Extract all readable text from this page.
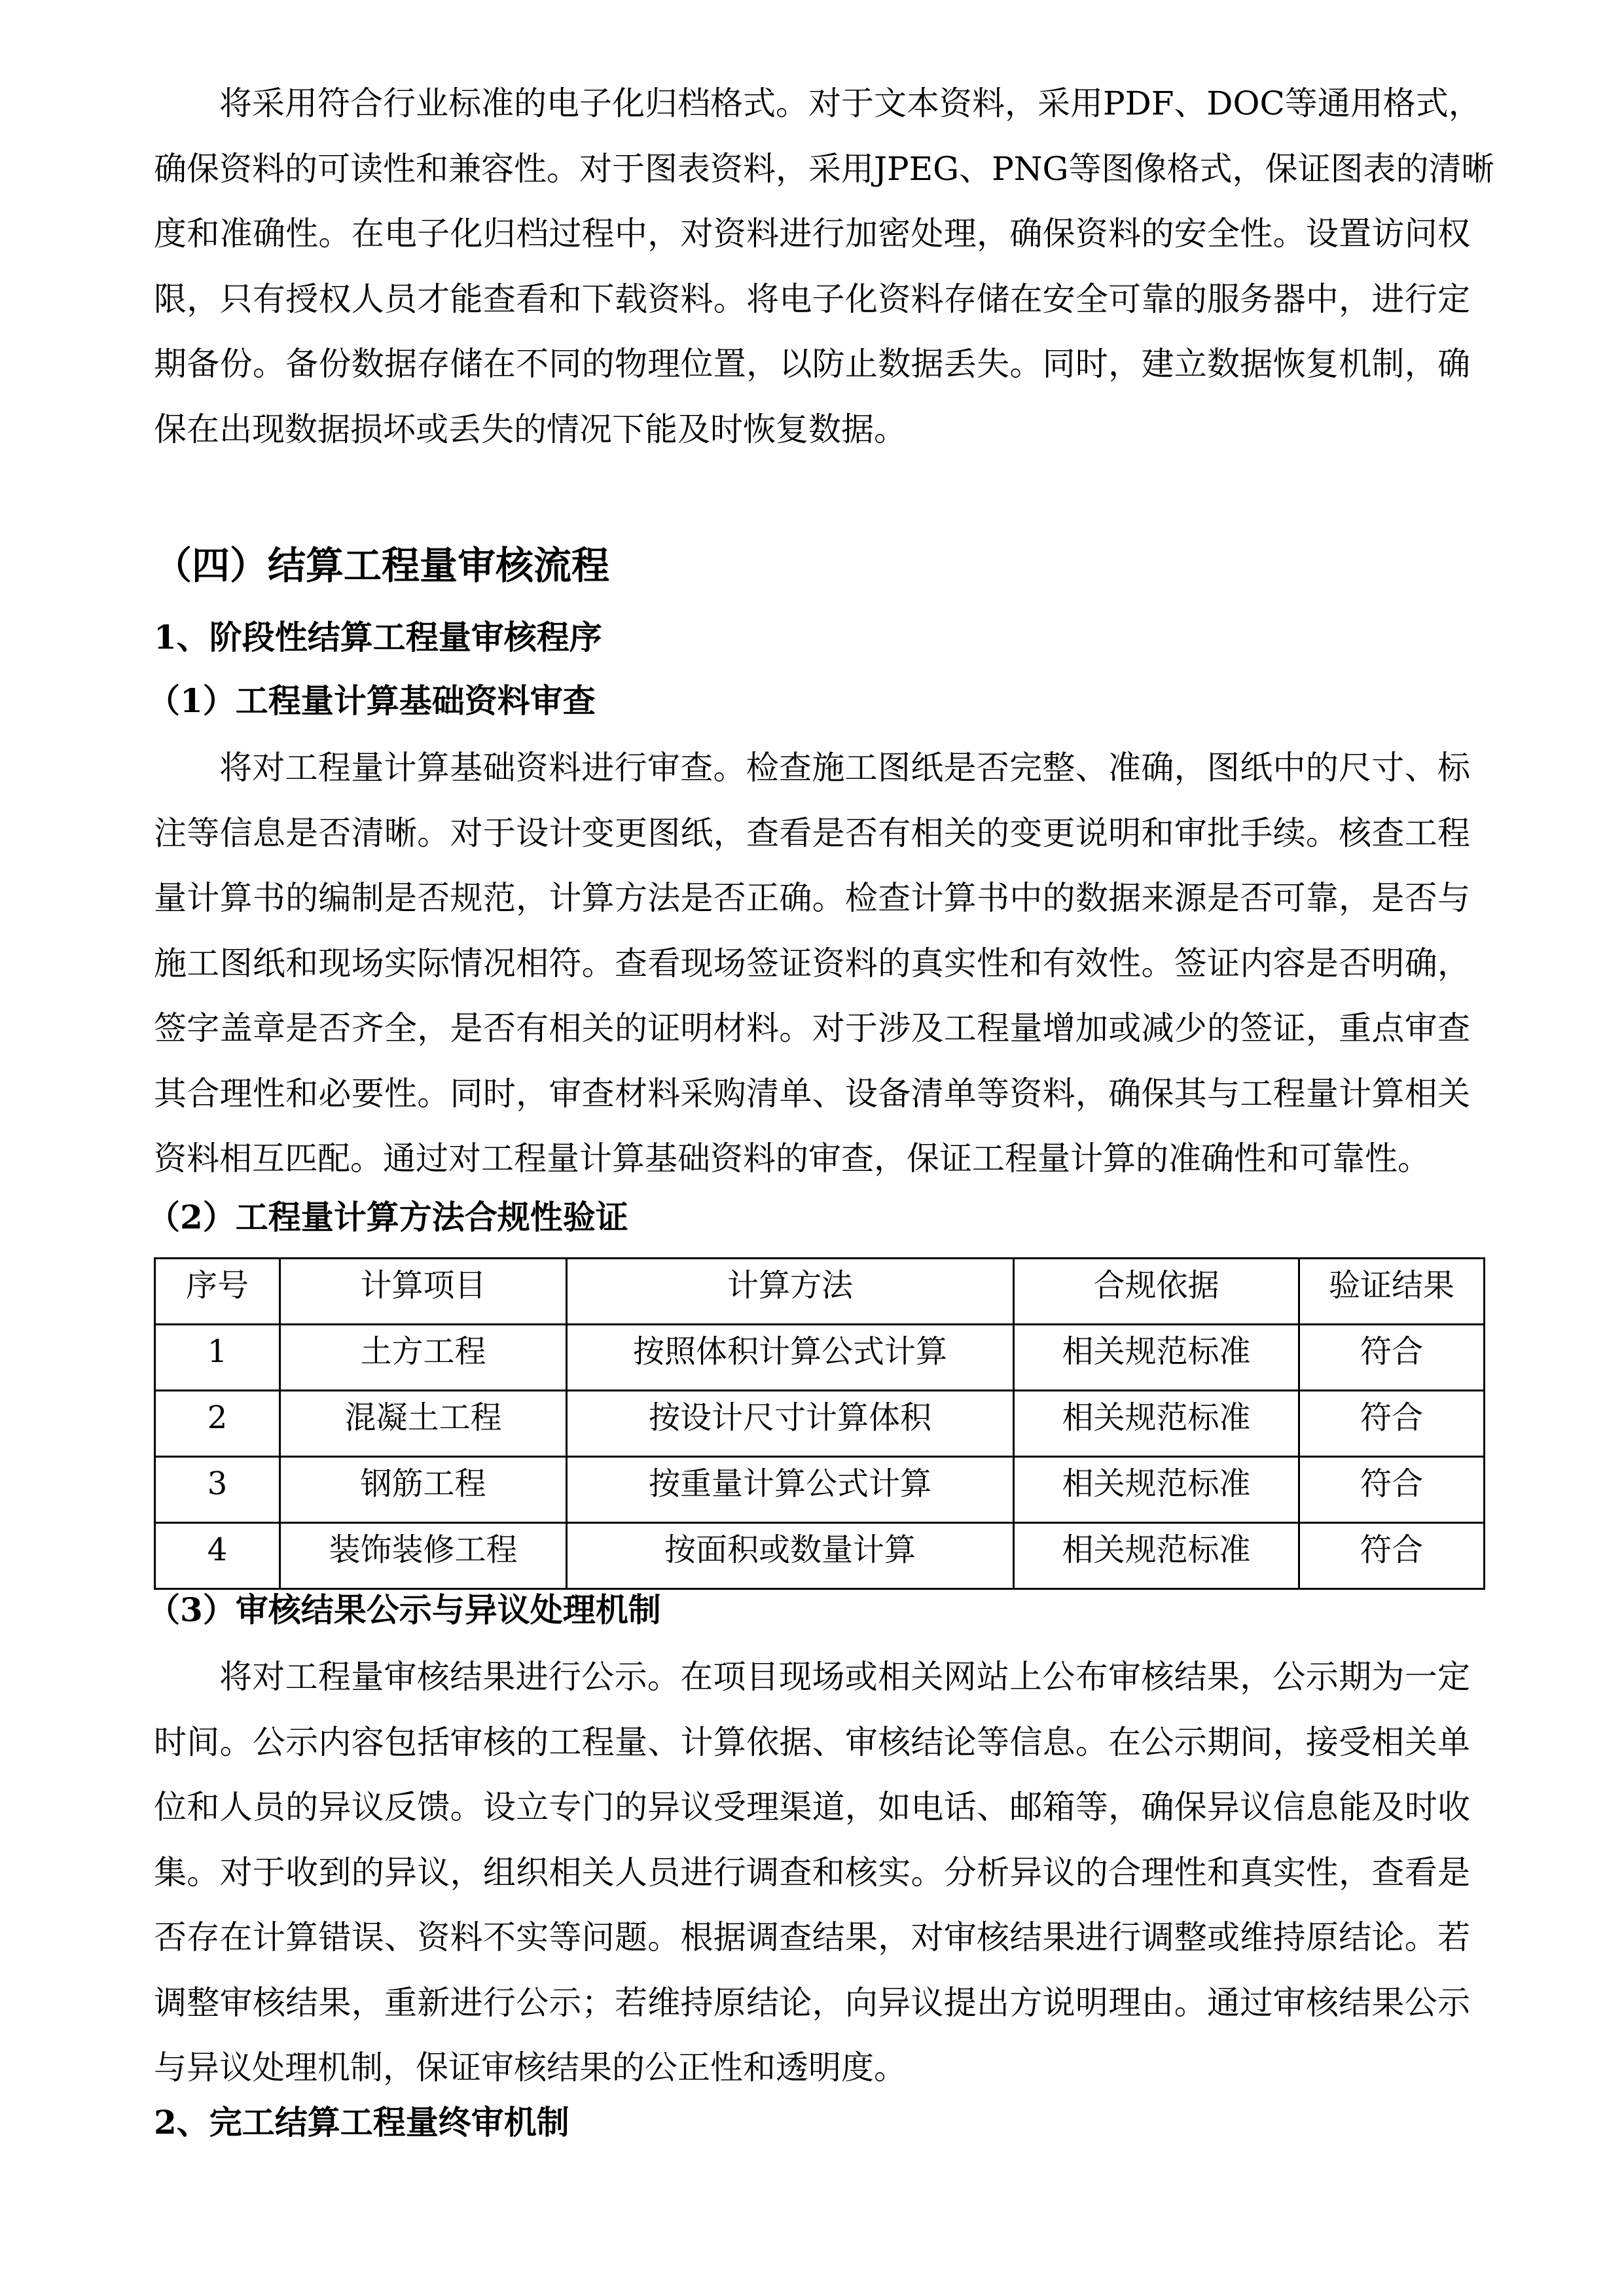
将采用符合行业标准的电子化归档格式。对于文本资料，采用PDF、DOC等通用格式，
确保资料的可读性和兼容性。对于图表资料，采用JPEG、PNG等图像格式，保证图表的清晰
度和准确性。在电子化归档过程中，对资料进行加密处理，确保资料的安全性。设置访问权
限，只有授权人员才能查看和下载资料。将电子化资料存储在安全可靠的服务器中，进行定
期备份。备份数据存储在不同的物理位置，以防止数据丢失。同时，建立数据恢复机制，确
保在出现数据损坏或丢失的情况下能及时恢复数据。
（四）结算工程量审核流程
1、阶段性结算工程量审核程序
（1）工程量计算基础资料审查
将对工程量计算基础资料进行审查。检查施工图纸是否完整、准确，图纸中的尺寸、标
注等信息是否清晰。对于设计变更图纸，查看是否有相关的变更说明和审批手续。核查工程
量计算书的编制是否规范，计算方法是否正确。检查计算书中的数据来源是否可靠，是否与
施工图纸和现场实际情况相符。查看现场签证资料的真实性和有效性。签证内容是否明确，
签字盖章是否齐全，是否有相关的证明材料。对于涉及工程量增加或减少的签证，重点审查
其合理性和必要性。同时，审查材料采购清单、设备清单等资料，确保其与工程量计算相关
资料相互匹配。通过对工程量计算基础资料的审查，保证工程量计算的准确性和可靠性。
（2）工程量计算方法合规性验证
序号	计算项目	计算方法	合规依据	验证结果
1	土方工程	按照体积计算公式计算	相关规范标准	符合
2	混凝土工程	按设计尺寸计算体积	相关规范标准	符合
3	钢筋工程	按重量计算公式计算	相关规范标准	符合
4	装饰装修工程	按面积或数量计算	相关规范标准	符合
（3）审核结果公示与异议处理机制
将对工程量审核结果进行公示。在项目现场或相关网站上公布审核结果，公示期为一定
时间。公示内容包括审核的工程量、计算依据、审核结论等信息。在公示期间，接受相关单
位和人员的异议反馈。设立专门的异议受理渠道，如电话、邮箱等，确保异议信息能及时收
集。对于收到的异议，组织相关人员进行调查和核实。分析异议的合理性和真实性，查看是
否存在计算错误、资料不实等问题。根据调查结果，对审核结果进行调整或维持原结论。若
调整审核结果，重新进行公示；若维持原结论，向异议提出方说明理由。通过审核结果公示
与异议处理机制，保证审核结果的公正性和透明度。
2、完工结算工程量终审机制
